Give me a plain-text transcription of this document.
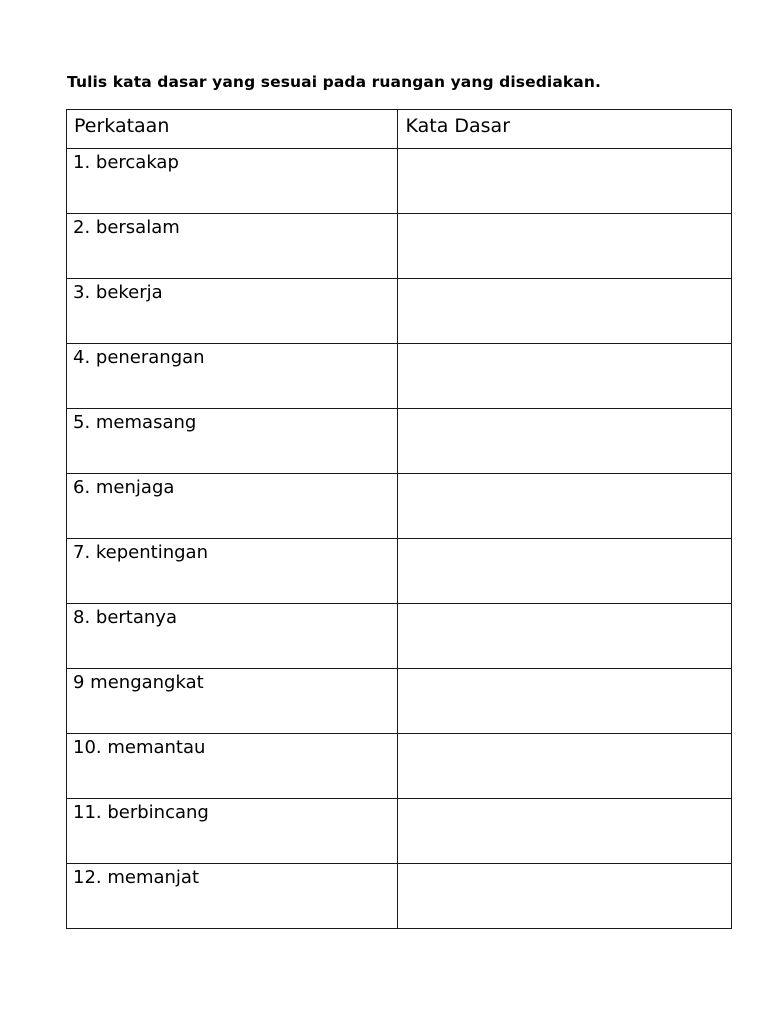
Tulis kata dasar yang sesuai pada ruangan yang disediakan.
Perkataan	Kata Dasar

1. bercakap	

2. bersalam	

3. bekerja	

4. penerangan	

5. memasang	

6. menjaga	

7. kepentingan	

8. bertanya	

9 mengangkat	

10. memantau	

11. berbincang	

12. memanjat	
